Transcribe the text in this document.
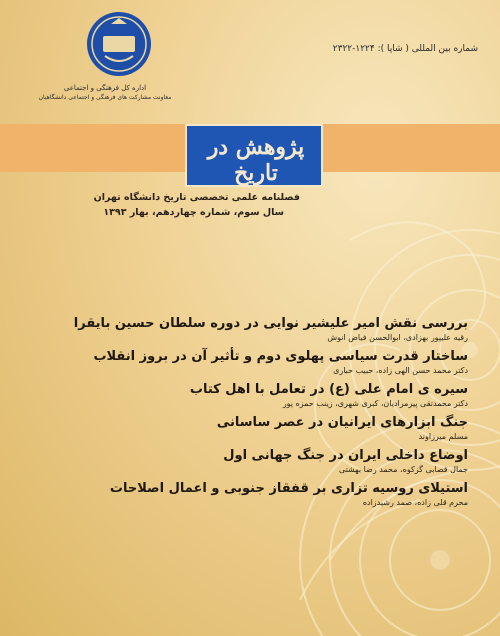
اداره کل فرهنگی و اجتماعی
معاونت مشارکت های فرهنگی و اجتماعی دانشگاهیان
شماره بین المللی ( شاپا ): ۱۲۲۴-۲۳۲۲
پژوهش در تاریخ
فصلنامه علمی تخصصی تاریخ دانشگاه تهران
سال سوم، شماره چهاردهم، بهار ۱۳۹۳
بررسی نقش امیر علیشیر نوایی در دوره سلطان حسین بایقرا
رقیه علیپور بهزادی، ابوالحسن فیاض انوش
ساختار قدرت سیاسی پهلوی دوم و تأثیر آن در بروز انقلاب
دکتر محمد حسن الهی زاده، حبیب حباری
سیره ی امام علی (ع) در تعامل با اهل کتاب
دکتر محمدتقی پیرمرادیان، کبری شهری، زینب حمزه پور
جنگ ابزارهای ایرانیان در عصر ساسانی
مسلم میرزاوند
اوضاع داخلی ایران در جنگ جهانی اول
جمال قصابی گزکوه، محمد رضا بهشتی
استیلای روسیه تزاری بر قفقاز جنوبی و اعمال اصلاحات
محرم قلی زاده، صمد رشیدزاده
